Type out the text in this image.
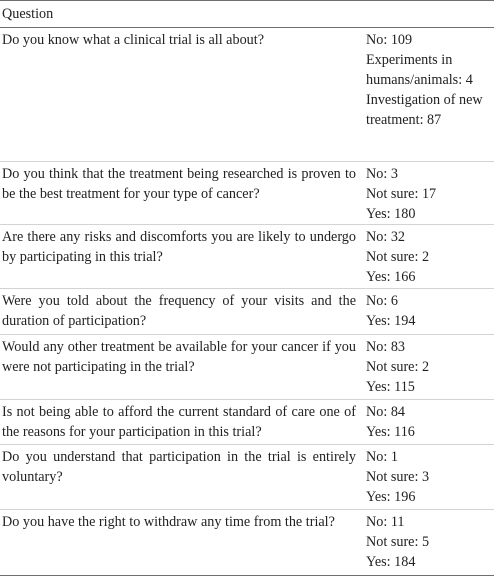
Question
Do you know what a clinical trial is all about?	No: 109
Experiments in humans/animals: 4
Investigation of new treatment: 87
Do you think that the treatment being researched is proven to be the best treatment for your type of cancer?
No: 3
Not sure: 17
Yes: 180
Are there any risks and discomforts you are likely to undergo by participating in this trial?
No: 32
Not sure: 2
Yes: 166
Were you told about the frequency of your visits and the duration of participation?
No: 6
Yes: 194
Would any other treatment be available for your cancer if you were not participating in the trial?
No: 83
Not sure: 2
Yes: 115
Is not being able to afford the current standard of care one of the reasons for your participation in this trial?
No: 84
Yes: 116
Do you understand that participation in the trial is entirely voluntary?
No: 1
Not sure: 3
Yes: 196
Do you have the right to withdraw any time from the trial?	No: 11
Not sure: 5
Yes: 184
